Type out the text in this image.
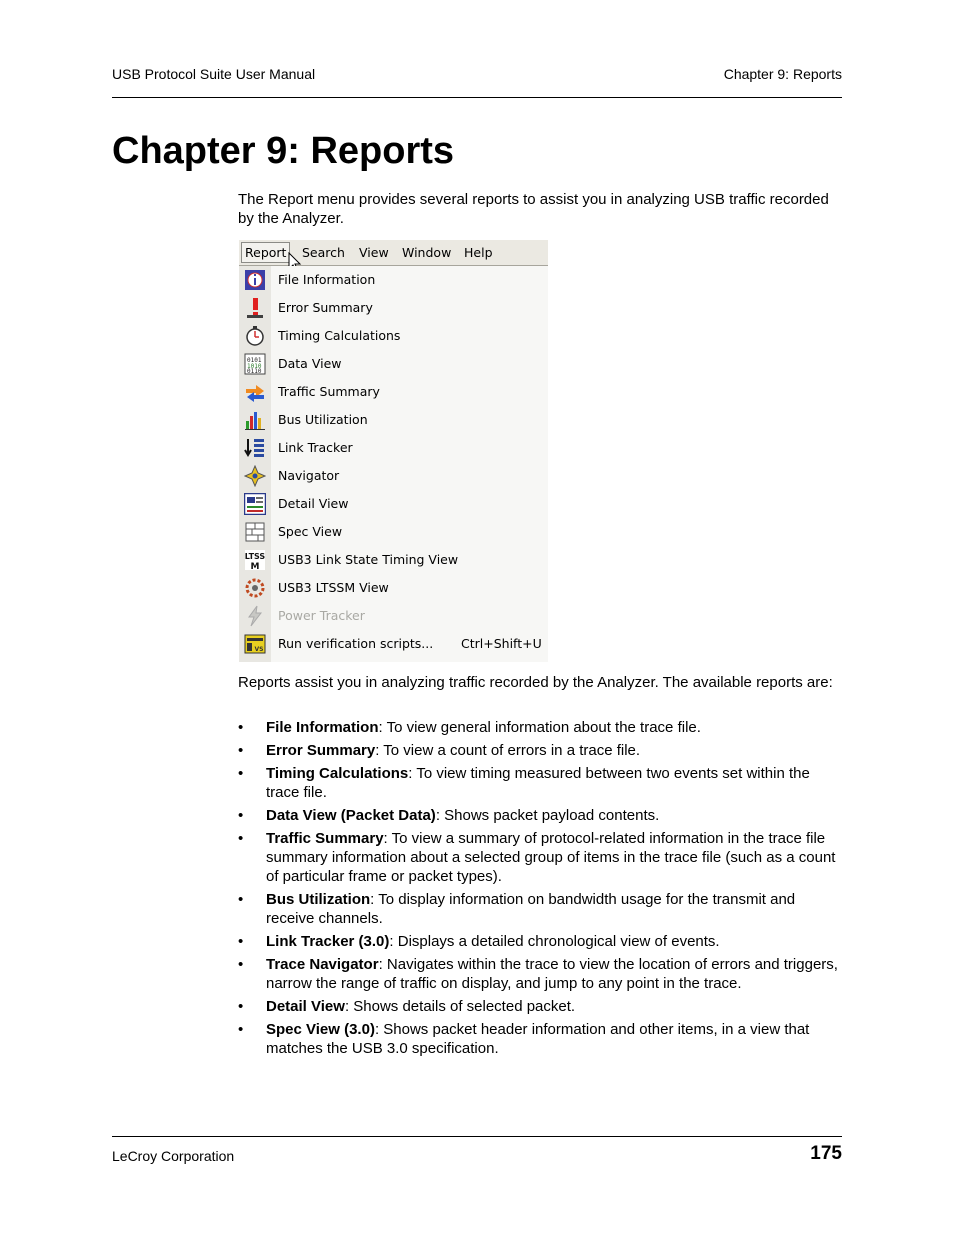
USB Protocol Suite User Manual	Chapter 9: Reports
Chapter 9: Reports

The Report menu provides several reports to assist you in analyzing USB traffic recorded by the Analyzer.

Report	Search View Window Help
File Information
Error Summary
Timing Calculations
0101
1010
0110
Data View
Traffic Summary
Bus Utilization
Link Tracker
Navigator
Detail View
Spec View
LTSS
M USB3 Link State Timing View
USB3 LTSSM View
Power Tracker
VS Run verification scripts... Ctrl+Shift+U

Reports assist you in analyzing traffic recorded by the Analyzer. The available reports are:

• File Information: To view general information about the trace file.
• Error Summary: To view a count of errors in a trace file.
• Timing Calculations: To view timing measured between two events set within the trace file.
• Data View (Packet Data): Shows packet payload contents.
• Traffic Summary: To view a summary of protocol-related information in the trace file summary information about a selected group of items in the trace file (such as a count of particular frame or packet types).
• Bus Utilization: To display information on bandwidth usage for the transmit and receive channels.
• Link Tracker (3.0): Displays a detailed chronological view of events.
• Trace Navigator: Navigates within the trace to view the location of errors and triggers, narrow the range of traffic on display, and jump to any point in the trace.
• Detail View: Shows details of selected packet.
• Spec View (3.0): Shows packet header information and other items, in a view that matches the USB 3.0 specification.
LeCroy Corporation	175
